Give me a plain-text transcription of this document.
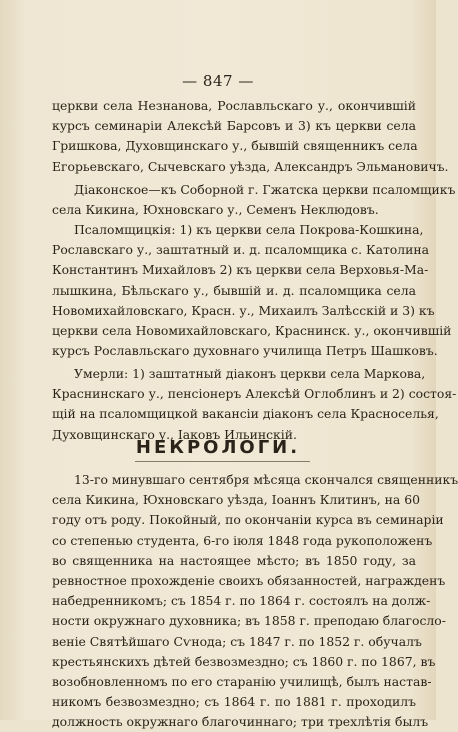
— 847 —
церкви села Незнанова, Рославльскаго у., окончившій
курсъ семинаріи Алексѣй Барсовъ и 3) къ церкви села
Гришкова, Духовщинскаго у., бывшій священникъ села
Егорьевскаго, Сычевскаго уѣзда, Александръ Эльмановичъ.
Діаконское—къ Соборной г. Гжатска церкви псаломщикъ
села Кикина, Юхновскаго у., Семенъ Неклюдовъ.
Псаломщицкія: 1) къ церкви села Покрова-Кошкина,
Рославскаго у., заштатный и. д. псаломщика с. Католина
Константинъ Михайловъ 2) къ церкви села Верховья-Ма-
лышкина, Бѣльскаго у., бывшій и. д. псаломщика села
Новомихайловскаго, Красн. у., Михаилъ Залѣсскій и 3) къ
церкви села Новомихайловскаго, Краснинск. у., окончившій
курсъ Рославльскаго духовнаго училища Петръ Шашковъ.
Умерли: 1) заштатный діаконъ церкви села Маркова,
Краснинскаго у., пенсіонеръ Алексѣй Оглоблинъ и 2) состоя-
щій на псаломщицкой вакансіи діаконъ села Красноселья,
Духовщинскаго у., Іаковъ Ильинскій.
НЕКРОЛОГИ.
13-го минувшаго сентября мѣсяца скончался священникъ
села Кикина, Юхновскаго уѣзда, Іоаннъ Клитинъ, на 60
году отъ роду. Покойный, по окончаніи курса въ семинаріи
со степенью студента, 6-го іюля 1848 года рукоположенъ
во священника на настоящее мѣсто; въ 1850 году, за
ревностное прохожденіе своихъ обязанностей, награжденъ
набедренникомъ; съ 1854 г. по 1864 г. состоялъ на долж-
ности окружнаго духовника; въ 1858 г. преподаю благосло-
веніе Святѣйшаго Сѵнода; съ 1847 г. по 1852 г. обучалъ
крестьянскихъ дѣтей безвозмездно; съ 1860 г. по 1867, въ
возобновленномъ по его старанію училищѣ, былъ настав-
никомъ безвозмездно; съ 1864 г. по 1881 г. проходилъ
должность окружнаго благочиннаго; три трехлѣтія былъ
